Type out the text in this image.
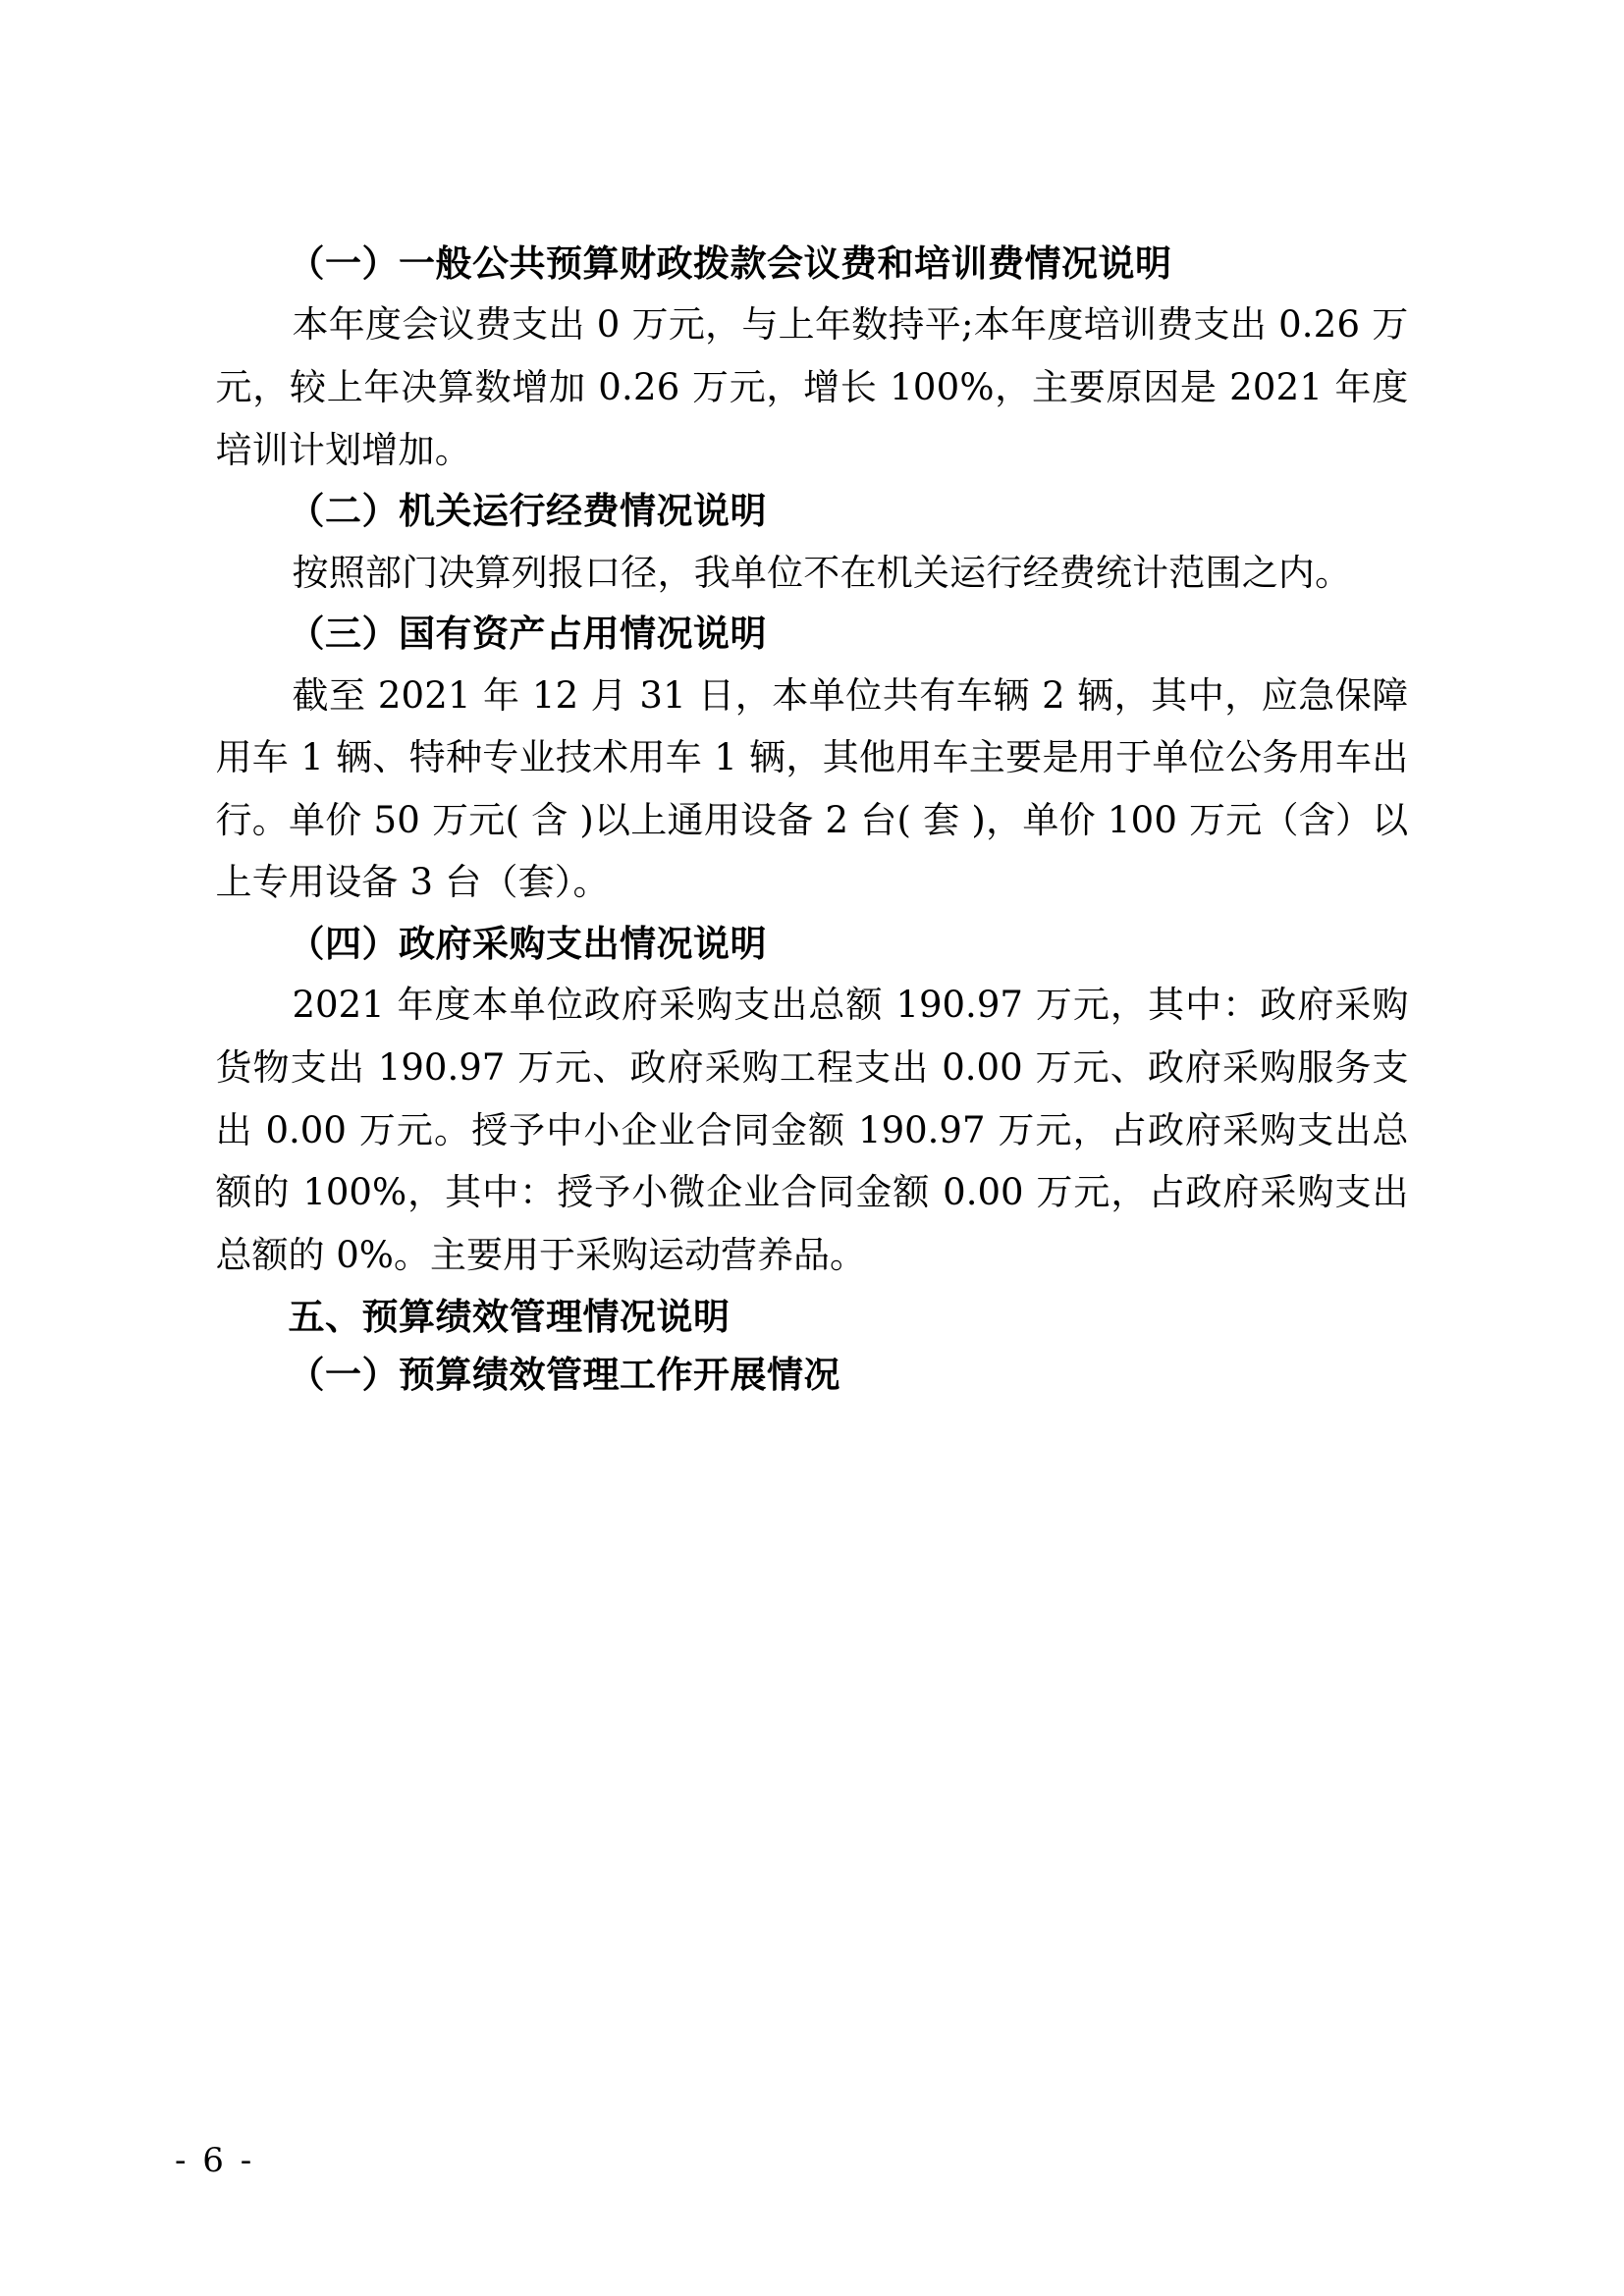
（一）一般公共预算财政拨款会议费和培训费情况说明

本年度会议费支出 0 万元，与上年数持平;本年度培训费支出 0.26 万元，较上年决算数增加 0.26 万元，增长 100%，主要原因是 2021 年度培训计划增加。

（二）机关运行经费情况说明

按照部门决算列报口径，我单位不在机关运行经费统计范围之内。

（三）国有资产占用情况说明

截至 2021 年 12 月 31 日，本单位共有车辆 2 辆，其中，应急保障用车 1 辆、特种专业技术用车 1 辆，其他用车主要是用于单位公务用车出行。单价 50 万元( 含 )以上通用设备 2 台( 套 )，单价 100 万元（含）以上专用设备 3 台（套）。

（四）政府采购支出情况说明

2021 年度本单位政府采购支出总额 190.97 万元，其中：政府采购货物支出 190.97 万元、政府采购工程支出 0.00 万元、政府采购服务支出 0.00 万元。授予中小企业合同金额 190.97 万元，占政府采购支出总额的 100%，其中：授予小微企业合同金额 0.00 万元，占政府采购支出总额的 0%。主要用于采购运动营养品。

五、预算绩效管理情况说明
（一）预算绩效管理工作开展情况
- 6 -
